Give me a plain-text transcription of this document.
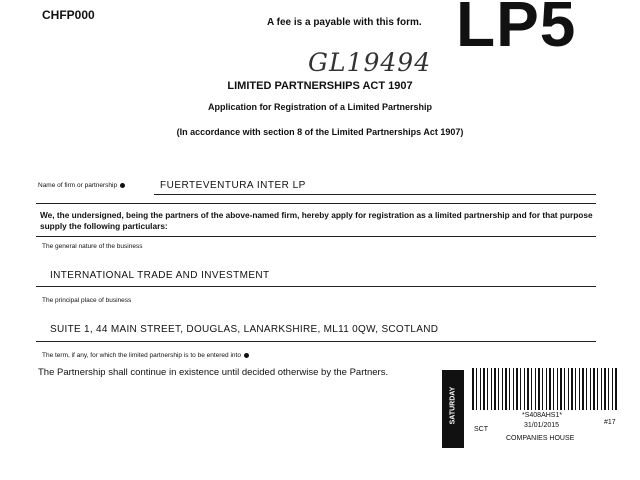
CHFP000
A fee is a payable with this form. LP5
GL19494
LIMITED PARTNERSHIPS ACT 1907
Application for Registration of a Limited Partnership
(In accordance with section 8 of the Limited Partnerships Act 1907)
Name of firm or partnership	FUERTEVENTURA INTER LP
We, the undersigned, being the partners of the above-named firm, hereby apply for registration as a limited partnership and for that purpose supply the following particulars:
The general nature of the business
INTERNATIONAL TRADE AND INVESTMENT
The principal place of business
SUITE 1, 44 MAIN STREET, DOUGLAS, LANARKSHIRE, ML11 0QW, SCOTLAND
The term, if any, for which the limited partnership is to be entered into
The Partnership shall continue in existence until decided otherwise by the Partners.
SATURDAY	*S408AHS1*
SCT
31/01/2015	#17
COMPANIES HOUSE
